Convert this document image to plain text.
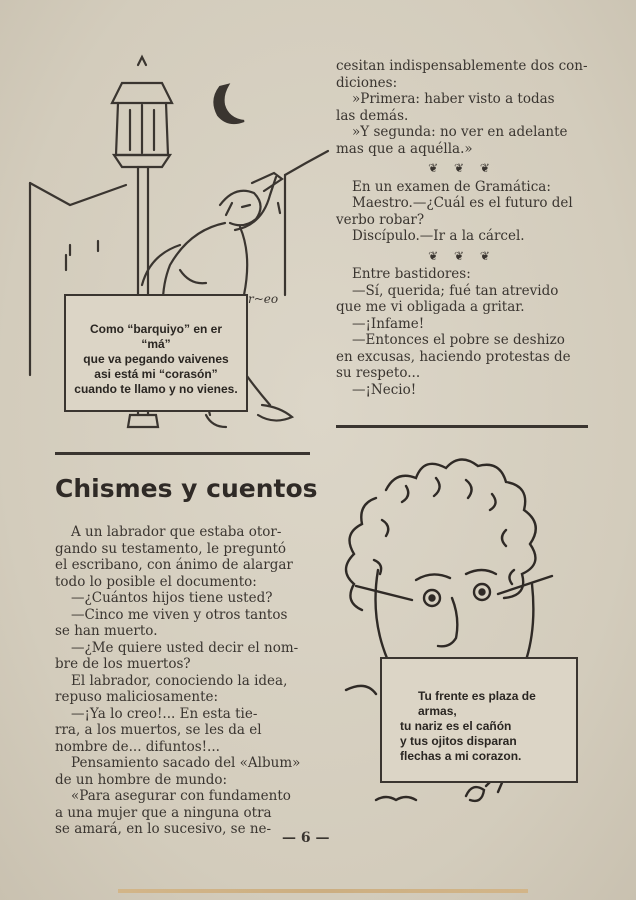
Como “barquiyo” en er “má”

que va pegando vaivenes

asi está mi “corasón”

cuando te llamo y no vienes.

r~eo

cesitan indispensablemente dos con-

diciones:

»Primera: haber visto a todas

las demás.

»Y segunda: no ver en adelante

mas que a aquélla.»

❦ ❦ ❦

En un examen de Gramática:

Maestro.—¿Cuál es el futuro del

verbo robar?

Discípulo.—Ir a la cárcel.

❦ ❦ ❦

Entre bastidores:

—Sí, querida; fué tan atrevido

que me vi obligada a gritar.

—¡Infame!

—Entonces el pobre se deshizo

en excusas, haciendo protestas de

su respeto...

—¡Necio!

Chismes y cuentos

A un labrador que estaba otor-

gando su testamento, le preguntó

el escribano, con ánimo de alargar

todo lo posible el documento:

—¿Cuántos hijos tiene usted?

—Cinco me viven y otros tantos

se han muerto.

—¿Me quiere usted decir el nom-

bre de los muertos?

El labrador, conociendo la idea,

repuso maliciosamente:

—¡Ya lo creo!... En esta tie-

rra, a los muertos, se les da el

nombre de... difuntos!...

Pensamiento sacado del «Album»

de un hombre de mundo:

«Para asegurar con fundamento

a una mujer que a ninguna otra

se amará, en lo sucesivo, se ne-

Tu frente es plaza de armas,

tu nariz es el cañón

y tus ojitos disparan

flechas a mi corazon.

— 6 —
